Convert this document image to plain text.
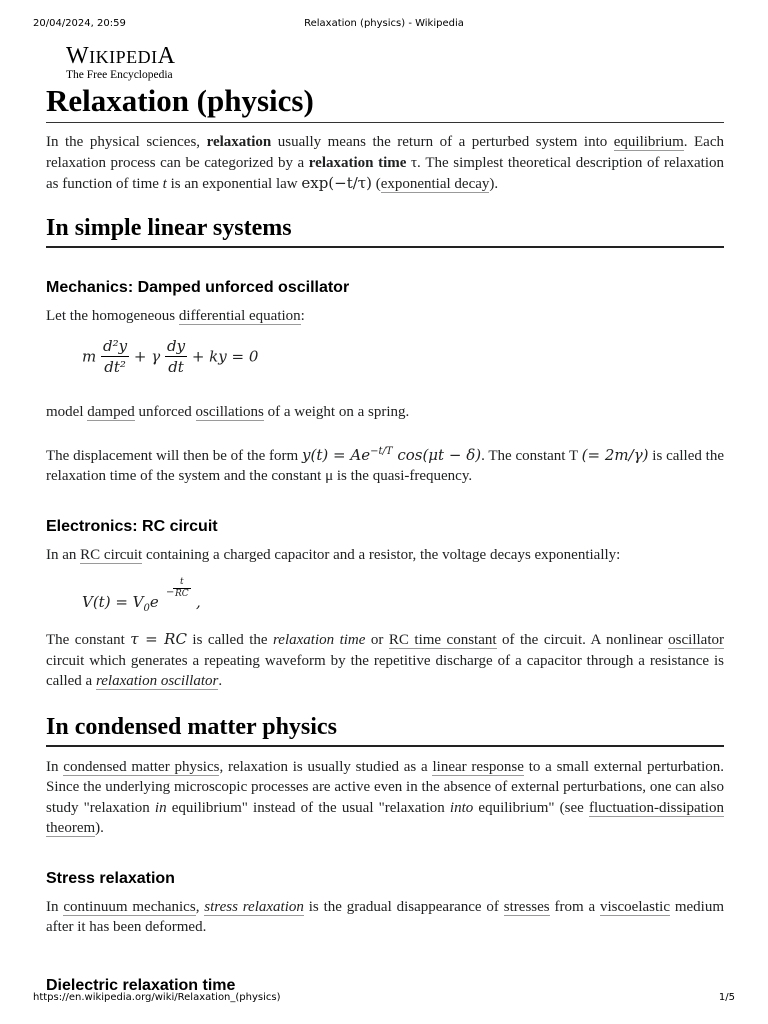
20/04/2024, 20:59	Relaxation (physics) - Wikipedia
WIKIPEDIA
The Free Encyclopedia
Relaxation (physics)

In the physical sciences, relaxation usually means the return of a perturbed system into equilibrium. Each relaxation process can be categorized by a relaxation time τ. The simplest theoretical description of relaxation as function of time t is an exponential law exp(−t/τ) (exponential decay).

In simple linear systems
Mechanics: Damped unforced oscillator

Let the homogeneous differential equation:

m $\frac{\text{d²y}}{\text{dt²}} + \gamma \frac{dy}{dt}$ + ky = 0

model damped unforced oscillations of a weight on a spring.

The displacement will then be of the form $y(t) = Ae^{-t/T}$ cos(μt − δ). The constant T (= 2m/γ) is called the relaxation time of the system and the constant μ is the quasi-frequency.

Electronics: RC circuit

In an RC circuit containing a charged capacitor and a resistor, the voltage decays exponentially:

$V(t) = V_0e$
−
$\frac{t}{RC}$
,

The constant τ = RC is called the relaxation time or RC time constant of the circuit. A nonlinear oscillator circuit which generates a repeating waveform by the repetitive discharge of a capacitor through a resistance is called a relaxation oscillator.

In condensed matter physics

In condensed matter physics, relaxation is usually studied as a linear response to a small external perturbation. Since the underlying microscopic processes are active even in the absence of external perturbations, one can also study "relaxation in equilibrium" instead of the usual "relaxation into equilibrium" (see fluctuation-dissipation theorem).

Stress relaxation

In continuum mechanics, stress relaxation is the gradual disappearance of stresses from a viscoelastic medium after it has been deformed.

Dielectric relaxation time
https://en.wikipedia.org/wiki/Relaxation_(physics)	1/5
